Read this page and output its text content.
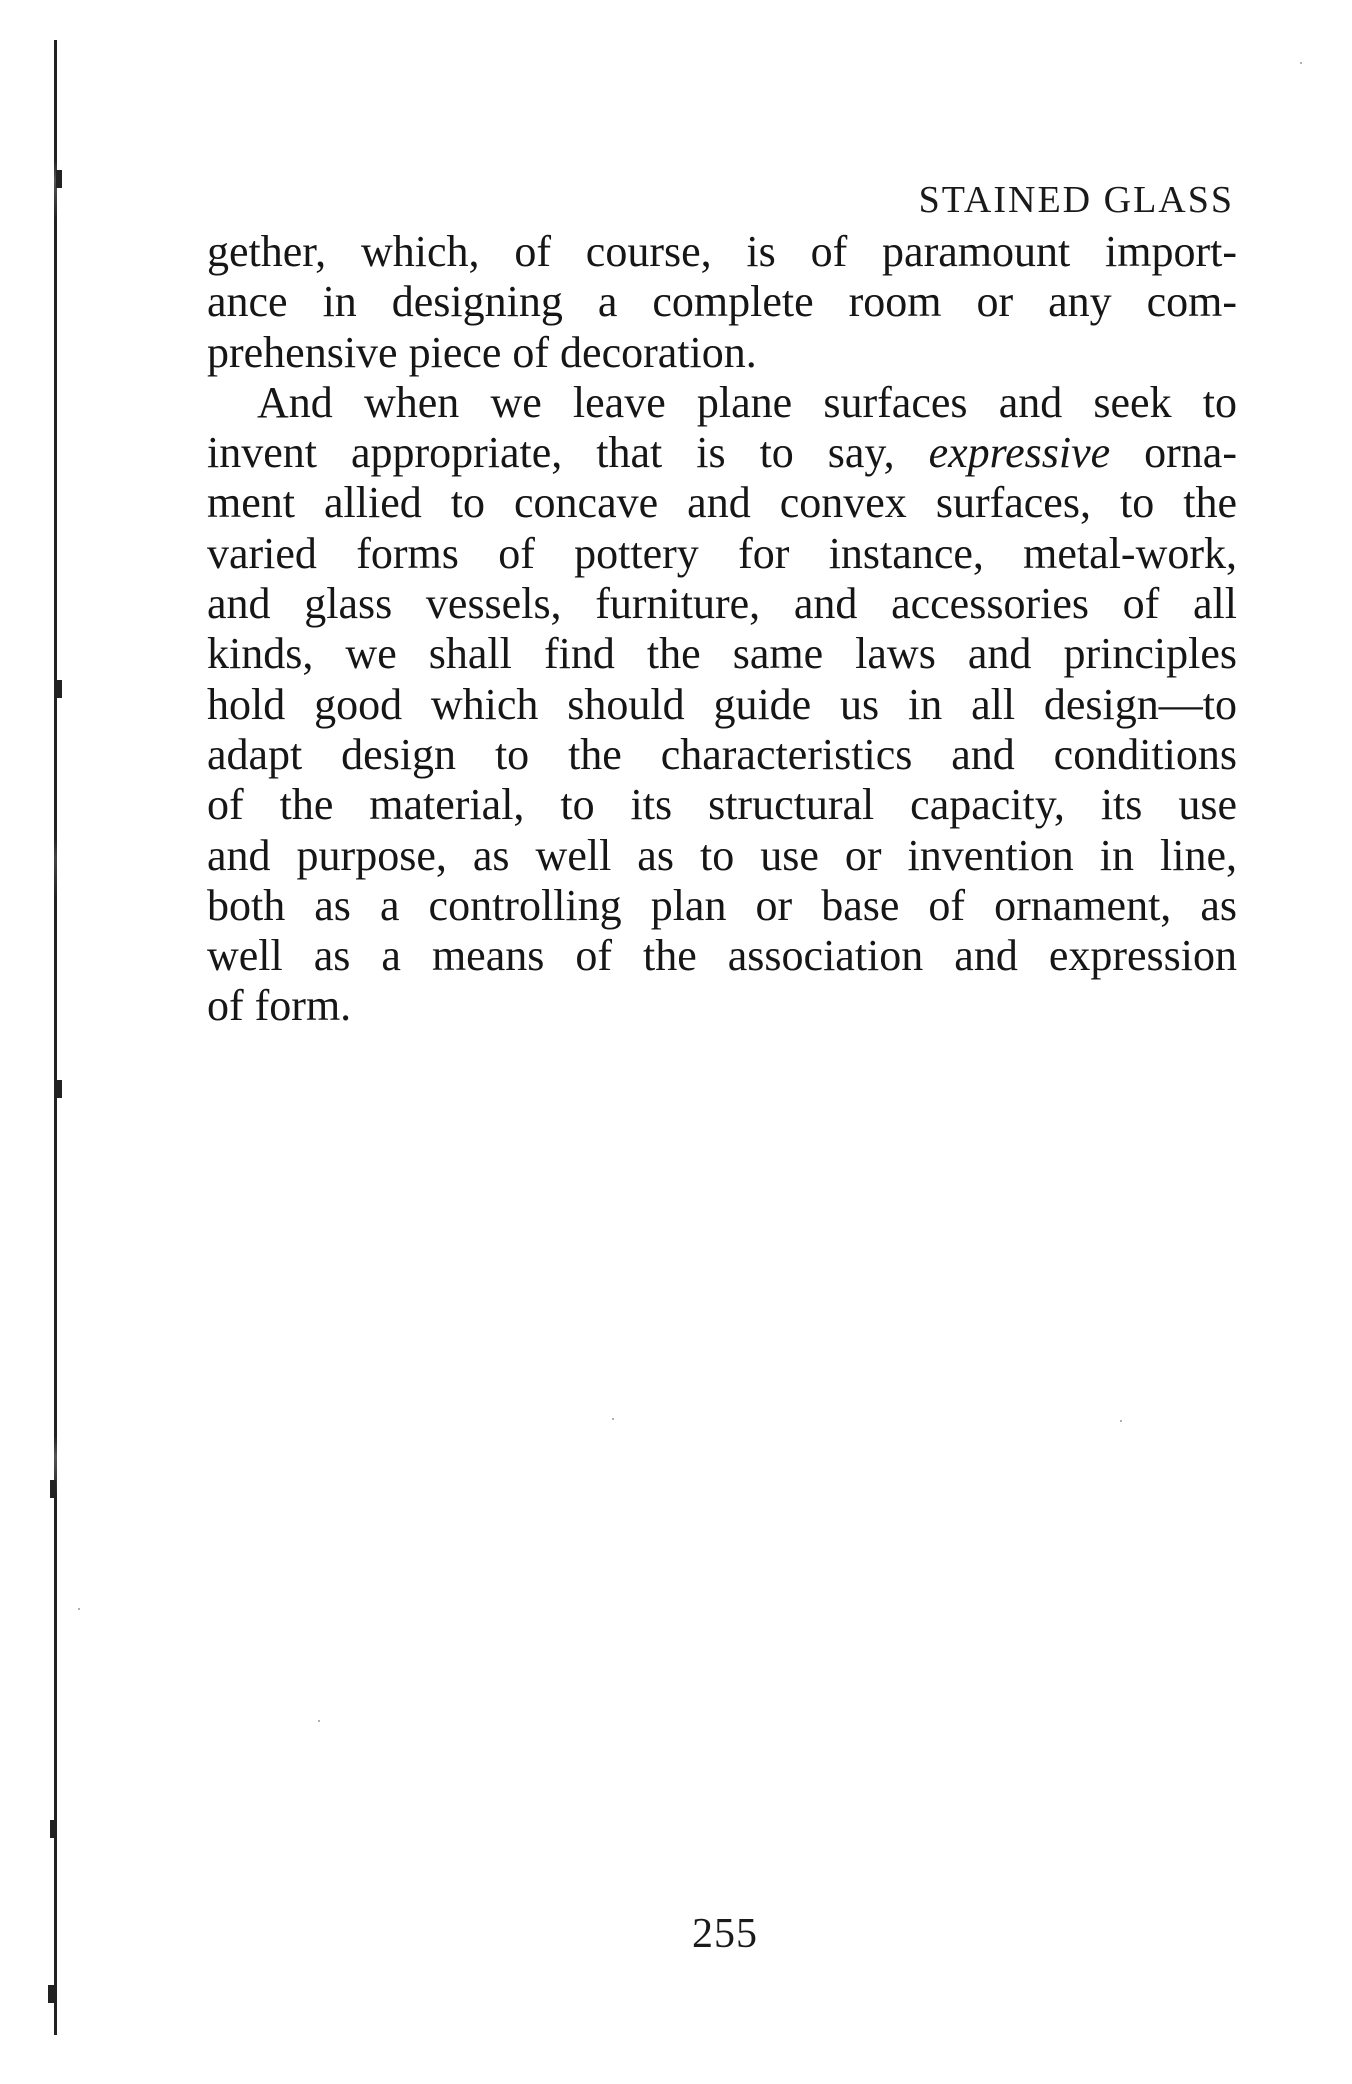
STAINED GLASS
gether, which, of course, is of paramount import-
ance in designing a complete room or any com-
prehensive piece of decoration.
And when we leave plane surfaces and seek to
invent appropriate, that is to say, expressive orna-
ment allied to concave and convex surfaces, to the
varied forms of pottery for instance, metal-work,
and glass vessels, furniture, and accessories of all
kinds, we shall find the same laws and principles
hold good which should guide us in all design—to
adapt design to the characteristics and conditions
of the material, to its structural capacity, its use
and purpose, as well as to use or invention in line,
both as a controlling plan or base of ornament, as
well as a means of the association and expression
of form.
255
